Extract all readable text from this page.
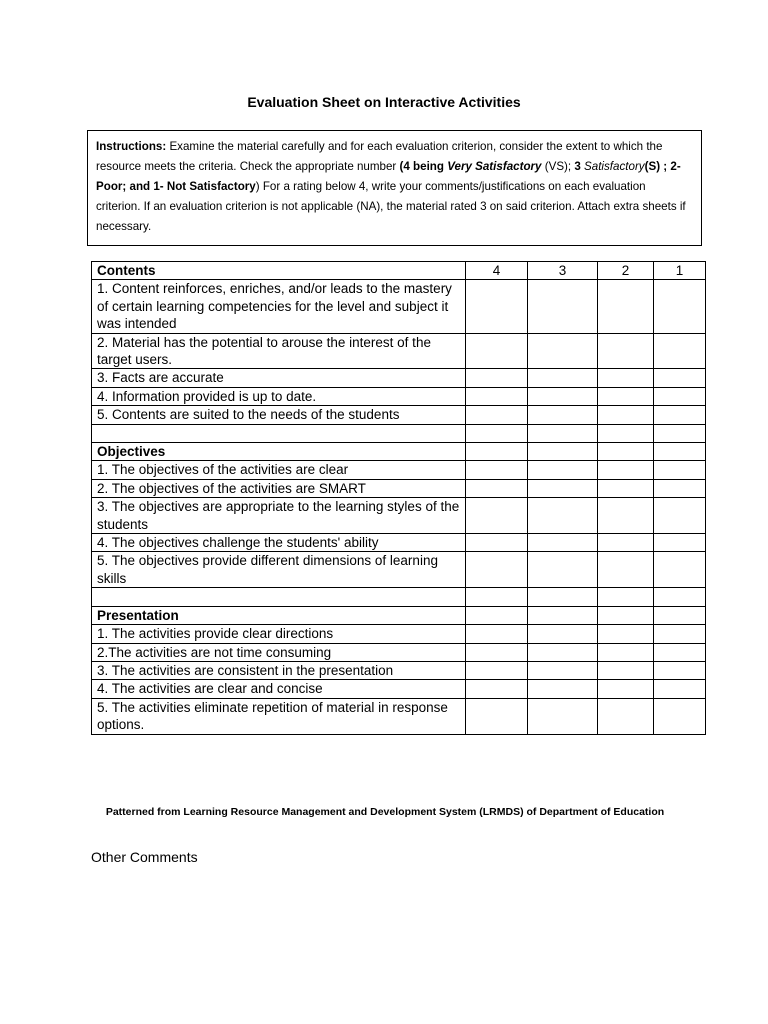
Evaluation Sheet on Interactive Activities
Instructions: Examine the material carefully and for each evaluation criterion, consider the extent to which the resource meets the criteria. Check the appropriate number (4 being Very Satisfactory (VS); 3 Satisfactory(S) ; 2-Poor; and 1- Not Satisfactory) For a rating below 4, write your comments/justifications on each evaluation criterion. If an evaluation criterion is not applicable (NA), the material rated 3 on said criterion. Attach extra sheets if necessary.
Contents	4	3	2	1
1. Content reinforces, enriches, and/or leads to the mastery of certain learning competencies for the level and subject it was intended				
2. Material has the potential to arouse the interest of the target users.				
3. Facts are accurate				
4. Information provided is up to date.				
5. Contents are suited to the needs of the students				

Objectives				
1. The objectives of the activities are clear				
2. The objectives of the activities are SMART				
3. The objectives are appropriate to the learning styles of the students				
4. The objectives challenge the students' ability				
5. The objectives provide different dimensions of learning skills				

Presentation				
1. The activities provide clear directions				
2.The activities are not time consuming				
3. The activities are consistent in the presentation				
4. The activities are clear and concise				
5. The activities eliminate repetition of material in response options.				
Patterned from Learning Resource Management and Development System (LRMDS) of Department of Education
Other Comments
